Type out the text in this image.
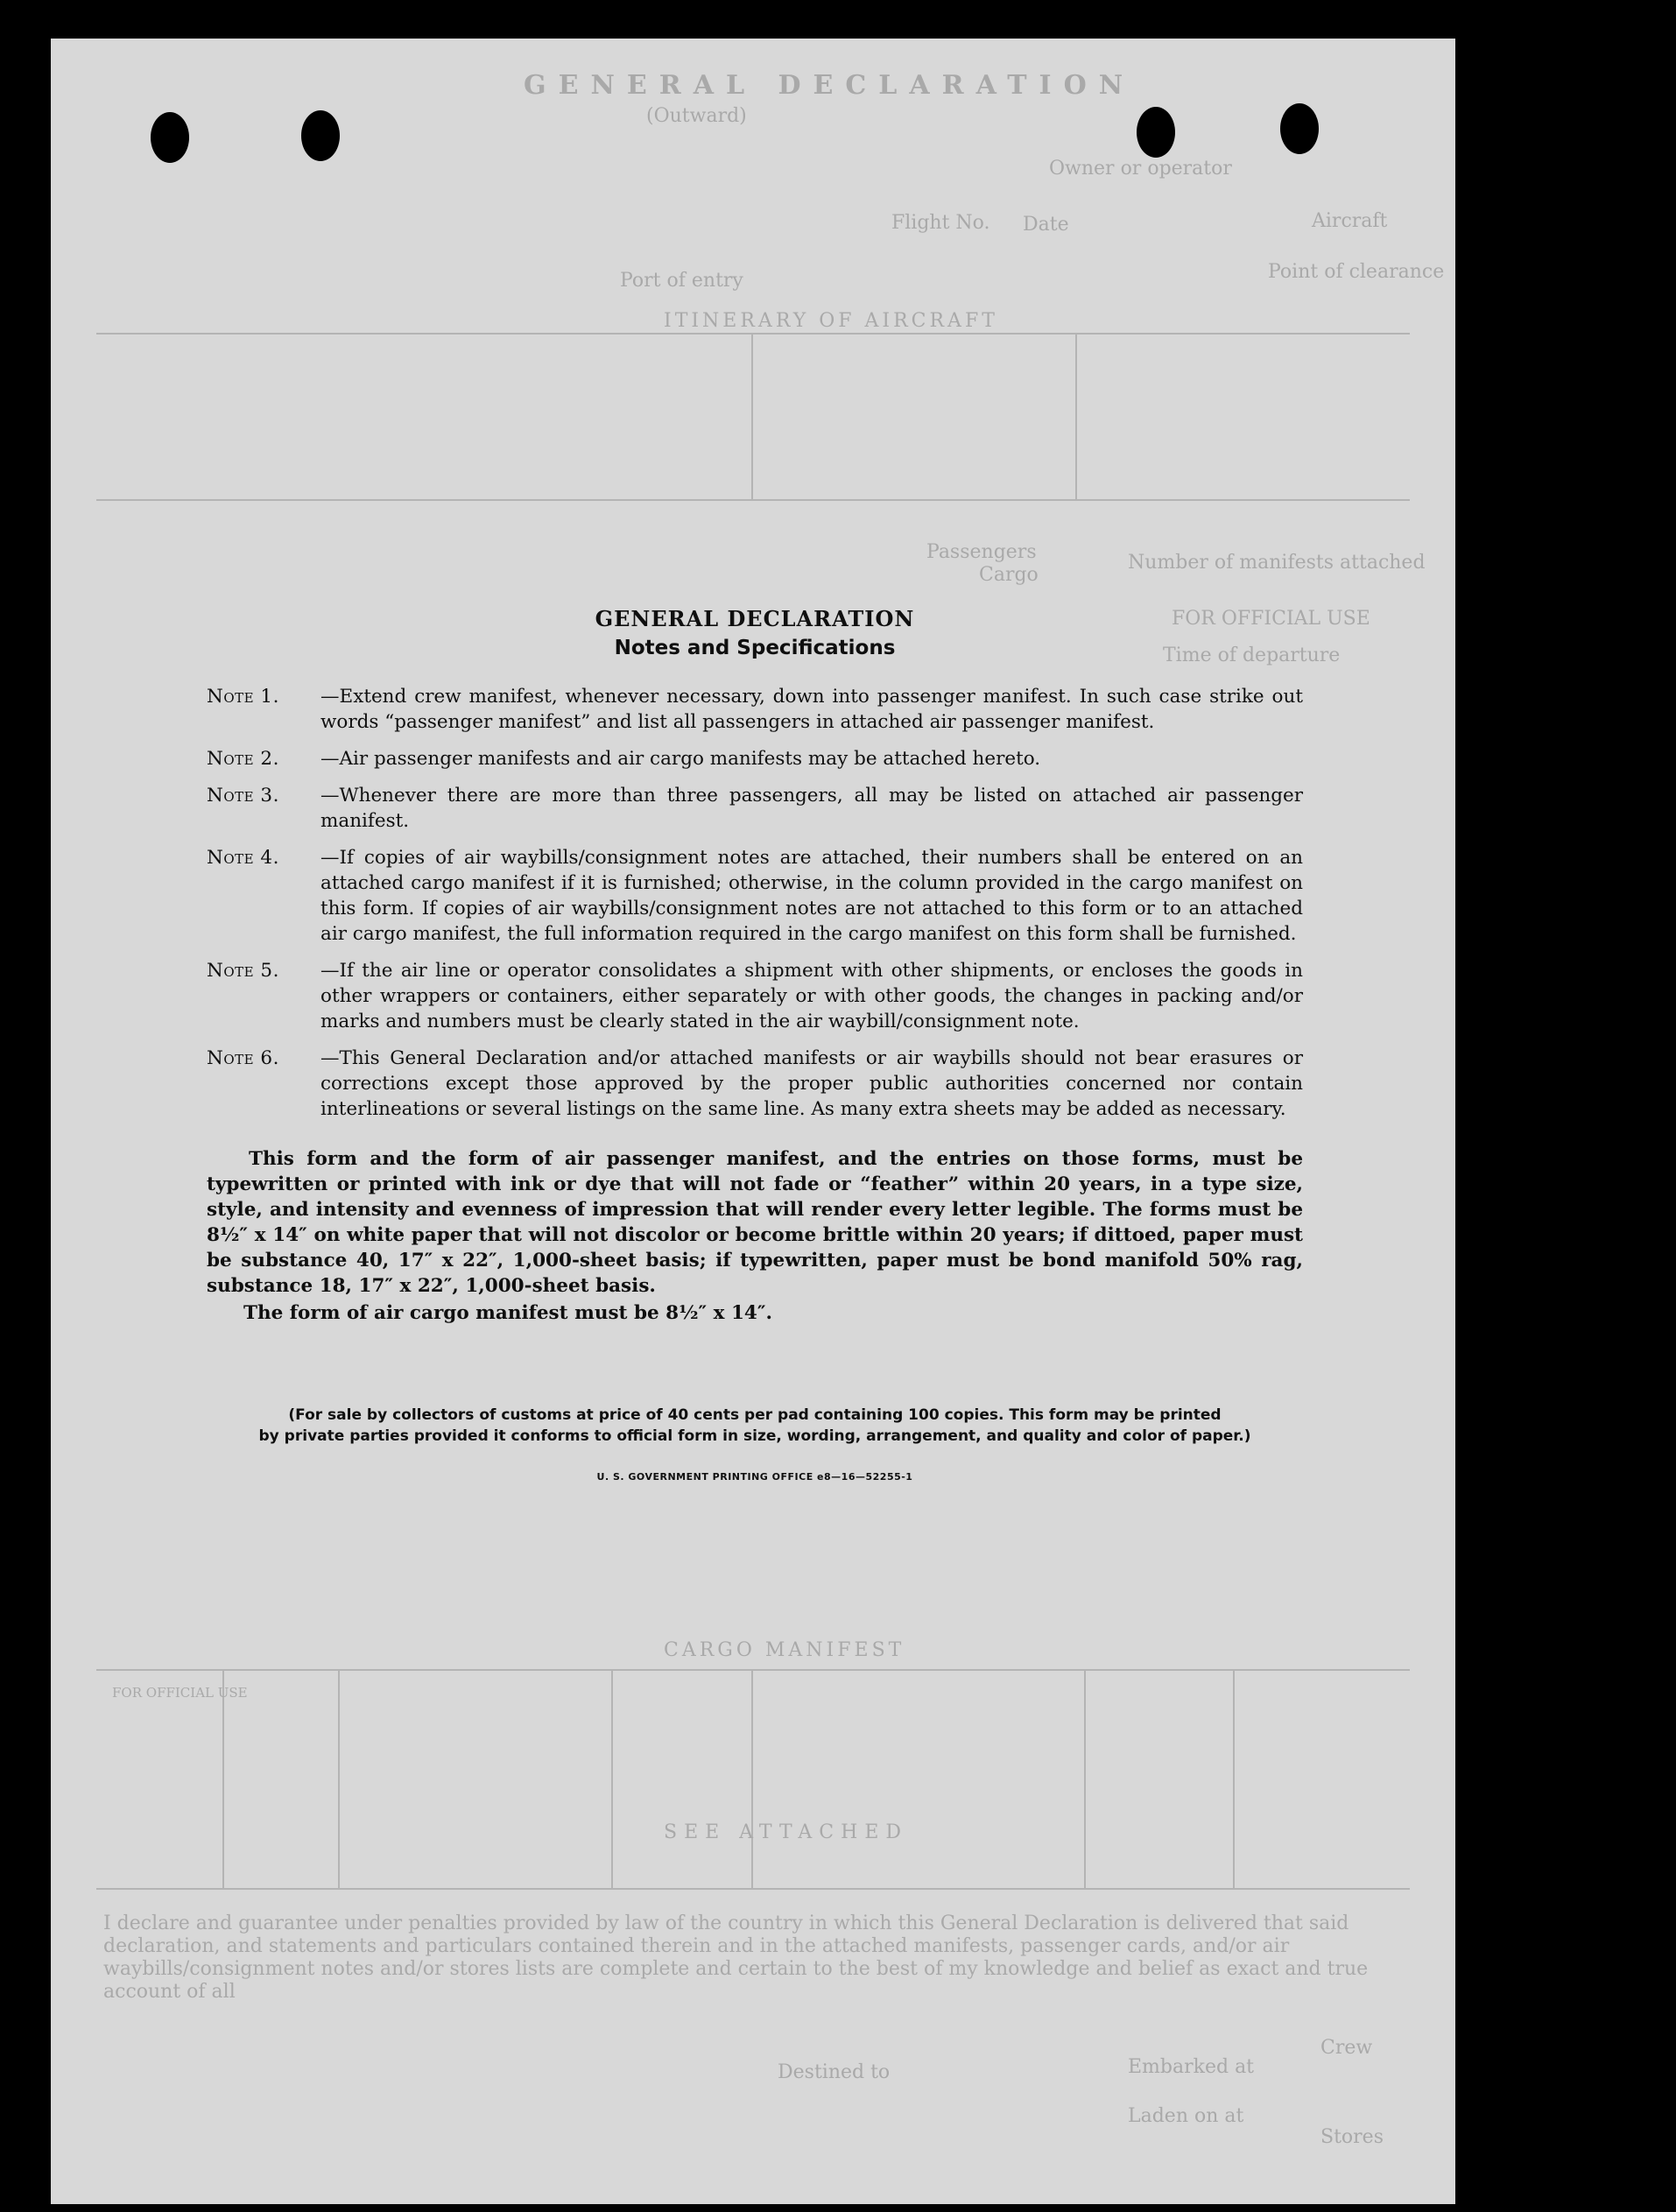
GENERAL DECLARATION
(Outward)
Owner or operator
Aircraft
Flight No. Date
Point of clearance
Port of entry
ITINERARY OF AIRCRAFT
Number of manifests attached
Passengers
Cargo
FOR OFFICIAL USE
Time of departure
CARGO MANIFEST
FOR OFFICIAL USE
SEE ATTACHED
I declare and guarantee under penalties provided by law of the country in which this General Declaration is delivered that said declaration, and statements and particulars contained therein and in the attached manifests, passenger cards, and/or air waybills/consignment notes and/or stores lists are complete and certain to the best of my knowledge and belief as exact and true account of all
Crew
Embarked at
Destined to
Laden on at
Stores

GENERAL DECLARATION

Notes and Specifications

Note 1.	—Extend crew manifest, whenever necessary, down into passenger manifest. In such case strike out words “passenger manifest” and list all passengers in attached air passenger manifest.
Note 2.	—Air passenger manifests and air cargo manifests may be attached hereto.
Note 3.	—Whenever there are more than three passengers, all may be listed on attached air passenger manifest.
Note 4.	—If copies of air waybills/consignment notes are attached, their numbers shall be entered on an attached cargo manifest if it is furnished; otherwise, in the column provided in the cargo manifest on this form. If copies of air waybills/consignment notes are not attached to this form or to an attached air cargo manifest, the full information required in the cargo manifest on this form shall be furnished.
Note 5.	—If the air line or operator consolidates a shipment with other shipments, or encloses the goods in other wrappers or containers, either separately or with other goods, the changes in packing and/or marks and numbers must be clearly stated in the air waybill/consignment note.
Note 6.	—This General Declaration and/or attached manifests or air waybills should not bear erasures or corrections except those approved by the proper public authorities concerned nor contain interlineations or several listings on the same line. As many extra sheets may be added as necessary.

This form and the form of air passenger manifest, and the entries on those forms, must be typewritten or printed with ink or dye that will not fade or “feather” within 20 years, in a type size, style, and intensity and evenness of impression that will render every letter legible. The forms must be 8½″ x 14″ on white paper that will not discolor or become brittle within 20 years; if dittoed, paper must be substance 40, 17″ x 22″, 1,000-sheet basis; if typewritten, paper must be bond manifold 50% rag, substance 18, 17″ x 22″, 1,000-sheet basis.

The form of air cargo manifest must be 8½″ x 14″.

(For sale by collectors of customs at price of 40 cents per pad containing 100 copies. This form may be printed
by private parties provided it conforms to official form in size, wording, arrangement, and quality and color of paper.)
U. S. GOVERNMENT PRINTING OFFICE e8—16—52255-1
